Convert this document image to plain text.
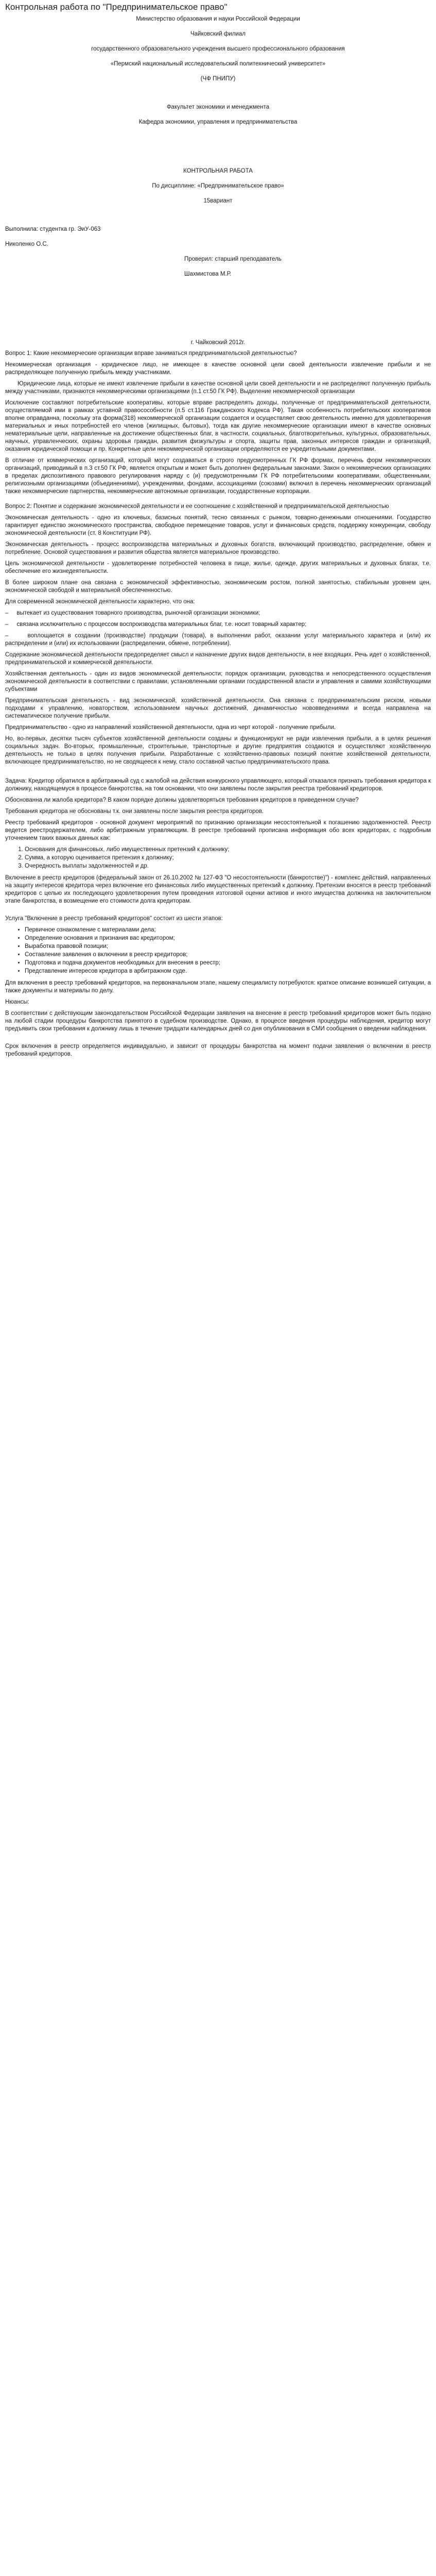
Контрольная работа по "Предпринимательское право"

Министерство образования и науки Российской Федерации

Чайковский филиал

государственного образовательного учреждения высшего профессионального образования

«Пермский национальный исследовательский политехнический университет»

(ЧФ ПНИПУ)

Факультет экономики и менеджмента

Кафедра экономики, управления и предпринимательства

КОНТРОЛЬНАЯ РАБОТА

По дисциплине: «Предпринимательское право»

15вариант

Выполнила: студентка гр. ЭиУ-063

Николенко О.С.

Проверил: старший преподаватель

Шахмистова М.Р.

г. Чайковский 2012г.

Вопрос 1: Какие некоммерческие организации вправе заниматься предпринимательской деятельностью?

Некоммерческая организация - юридическое лицо, не имеющее в качестве основной цели своей деятельности извлечение прибыли и не распределяющее полученную прибыль между участниками.

Юридические лица, которые не имеют извлечение прибыли в качестве основной цели своей деятельности и не распределяют полученную прибыль между участниками, признаются некоммерческими организациями (п.1 ст.50 ГК РФ). Выделение некоммерческой организации

Исключение составляют потребительские кооперативы, которые вправе распределять доходы, полученные от предпринимательской деятельности, осуществляемой ими в рамках уставной правосособности (п.5 ст.116 Гражданского Кодекса РФ). Такая особенность потребительских кооперативов вполне оправданна, поскольку эта форма(318) некоммерческой организации создается и осуществляет свою деятельность именно для удовлетворения материальных и иных потребностей его членов (жилищных, бытовых), тогда как другие некоммерческие организации имеют в качестве основных нематериальные цели, направленные на достижение общественных благ, в частности, социальных, благотворительных, культурных, образовательных, научных, управленческих, охраны здоровья граждан, развития физкультуры и спорта, защиты прав, законных интересов граждан и организаций, оказания юридической помощи и пр. Конкретные цели некоммерческой организации определяются ее учредительными документами.

В отличие от коммерческих организаций, который могут создаваться в строго предусмотренных ГК РФ формах, перечень форм некоммерческих организаций, приводимый в п.3 ст.50 ГК РФ, является открытым и может быть дополнен федеральным законами. Закон о некоммерческих организациях в пределах диспозитивного правового регулирования наряду с (и) предусмотренными ГК РФ потребительскими кооперативами, общественными, религиозными организациями (объединениями), учреждениями, фондами, ассоциациями (союзами) включил в перечень некоммерческих организаций также некоммерческие партнерства, некоммерческие автономные организации, государственные корпорации.

Вопрос 2: Понятие и содержание экономической деятельности и ее соотношение с хозяйственной и предпринимательской деятельностью

Экономическая деятельность - одно из ключевых, базисных понятий, тесно связанных с рынком, товарно-денежными отношениями. Государство гарантирует единство экономического пространства, свободное перемещение товаров, услуг и финансовых средств, поддержку конкуренции, свободу экономической деятельности (ст. 8 Конституции РФ).

Экономическая деятельность - процесс воспроизводства материальных и духовных богатств, включающий производство, распределение, обмен и потребление. Основой существования и развития общества является материальное производство.

Цель экономической деятельности - удовлетворение потребностей человека в пище, жилье, одежде, других материальных и духовных благах, т.е. обеспечение его жизнедеятельности.

В более широком плане она связана с экономической эффективностью, экономическим ростом, полной занятостью, стабильным уровнем цен, экономической свободой и материальной обеспеченностью.

Для современной экономической деятельности характерно, что она:

–     вытекает из существования товарного производства, рыночной организации экономики;

–     связана исключительно с процессом воспроизводства материальных благ, т.е. носит товарный характер;

–     воплощается в создании (производстве) продукции (товара), в выполнении работ, оказании услуг материального характера и (или) их распределении и (или) их использовании (распределении, обмене, потреблении).

Содержание экономической деятельности предопределяет смысл и назначение других видов деятельности, в нее входящих. Речь идет о хозяйственной, предпринимательской и коммерческой деятельности.

Хозяйственная деятельность - один из видов экономической деятельности; порядок организации, руководства и непосредственного осуществления экономической деятельности в соответствии с правилами, установленными органами государственной власти и управления и самими хозяйствующими субъектами

Предпринимательская деятельность - вид экономической, хозяйственной деятельности. Она связана с предпринимательским риском, новыми подходами к управлению, новаторством, использованием научных достижений, динамичностью нововведениями и всегда направлена на систематическое получение прибыли.

Предпринимательство - одно из направлений хозяйственной деятельности, одна из черт которой - получение прибыли.

Но, во-первых, десятки тысяч субъектов хозяйственной деятельности созданы и функционируют не ради извлечения прибыли, а в целях решения социальных задач. Во-вторых, промышленные, строительные, транспортные и другие предприятия создаются и осуществляют хозяйственную деятельность не только в целях получения прибыли. Разработанные с хозяйственно-правовых позиций понятие хозяйственной деятельности, включающее предпринимательство, но не сводящееся к нему, стало составной частью предпринимательского права.

Задача: Кредитор обратился в арбитражный суд с жалобой на действия конкурсного управляющего, который отказался признать требования кредитора к должнику, находящемуся в процессе банкротства, на том основании, что они заявлены после закрытия реестра требований кредиторов.

Обоснованна ли жалоба кредитора? В каком порядке должны удовлетворяться требования кредиторов в приведенном случае?

Требования кредитора не обоснованы т.к. они заявлены после закрытия реестра кредиторов.

Реестр требований кредиторов - основной документ мероприятий по признанию организации несостоятельной к погашению задолженностей. Реестр ведется реестродержателем, либо арбитражным управляющим. В реестре требований прописана информация обо всех кредиторах, с подробным уточнением таких важных данных как:

1. Основания для финансовых, либо имущественных претензий к должнику;
2. Сумма, а которую оценивается претензия к должнику;
3. Очередность выплаты задолженностей и др.

Включение в реестр кредиторов (федеральный закон от 26.10.2002 № 127-ФЗ "О несостоятельности (банкротстве)") - комплекс действий, направленных на защиту интересов кредитора через включение его финансовых либо имущественных претензий к должнику. Претензии вносятся в реестр требований кредиторов с целью их последующего удовлетворения путем проведения изтоговой оценки активов и иного имущества должника на заключительном этапе банкротства, в возмещение его стоимости долга кредиторам.

Услуга "Включение в реестр требований кредиторов" состоит из шести этапов:

• Первичное ознакомление с материалами дела;
• Определение основания и признания вас кредитором;
• Выработка правовой позиции;
• Составление заявления о включении в реестр кредиторов;
• Подготовка и подача документов необходимых для внесения в реестр;
• Представление интересов кредитора в арбитражном суде.

Для включения в реестр требований кредиторов, на первоначальном этапе, нашему специалисту потребуются: краткое описание возникшей ситуации, а также документы и материалы по делу.

Нюансы:

В соответствии с действующим законодательством Российской Федерации заявления на внесение в реестр требований кредиторов может быть подано на любой стадии процедуры банкротства принятого в судебном производстве. Однако, в процессе введения процедуры наблюдения, кредитор могут предъявить свои требования к должнику лишь в течение тридцати календарных дней со дня опубликования в СМИ сообщения о введении наблюдения.

Срок включения в реестр определяется индивидуально, и зависит от процедуры банкротства на момент подачи заявления о включении в реестр требований кредиторов.
